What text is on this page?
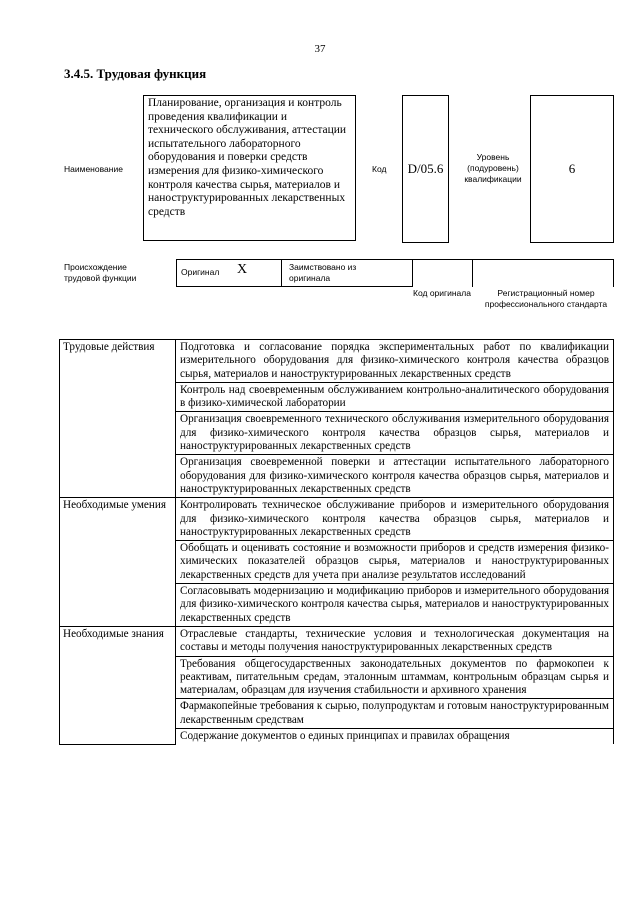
37
3.4.5. Трудовая функция
Наименование
Планирование, организация и контроль проведения квалификации и технического обслуживания, аттестации испытательного лабораторного оборудования и поверки средств измерения для физико-химического контроля качества сырья, материалов и наноструктурированных лекарственных средств
Код	D/05.6
Уровень (подуровень) квалификации
6
Происхождение трудовой функции
Оригинал X	Заимствовано из оригинала
Код оригинала	Регистрационный номер профессионального стандарта
Трудовые действия	Подготовка и согласование порядка экспериментальных работ по квалификации измерительного оборудования для физико-химического контроля качества образцов сырья, материалов и наноструктурированных лекарственных средств
	Контроль над своевременным обслуживанием контрольно-аналитического оборудования в физико-химической лаборатории
	Организация своевременного технического обслуживания измерительного оборудования для физико-химического контроля качества образцов сырья, материалов и наноструктурированных лекарственных средств
	Организация своевременной поверки и аттестации испытательного лабораторного оборудования для физико-химического контроля качества образцов сырья, материалов и наноструктурированных лекарственных средств
Необходимые умения	Контролировать техническое обслуживание приборов и измерительного оборудования для физико-химического контроля качества образцов сырья, материалов и наноструктурированных лекарственных средств
	Обобщать и оценивать состояние и возможности приборов и средств измерения физико-химических показателей образцов сырья, материалов и наноструктурированных лекарственных средств для учета при анализе результатов исследований
	Согласовывать модернизацию и модификацию приборов и измерительного оборудования для физико-химического контроля качества сырья, материалов и наноструктурированных лекарственных средств
Необходимые знания	Отраслевые стандарты, технические условия и технологическая документация на составы и методы получения наноструктурированных лекарственных средств
	Требования общегосударственных законодательных документов по фармокопеи к реактивам, питательным средам, эталонным штаммам, контрольным образцам сырья и материалам, образцам для изучения стабильности и архивного хранения
	Фармакопейные требования к сырью, полупродуктам и готовым наноструктурированным лекарственным средствам
	Содержание документов о единых принципах и правилах обращения
